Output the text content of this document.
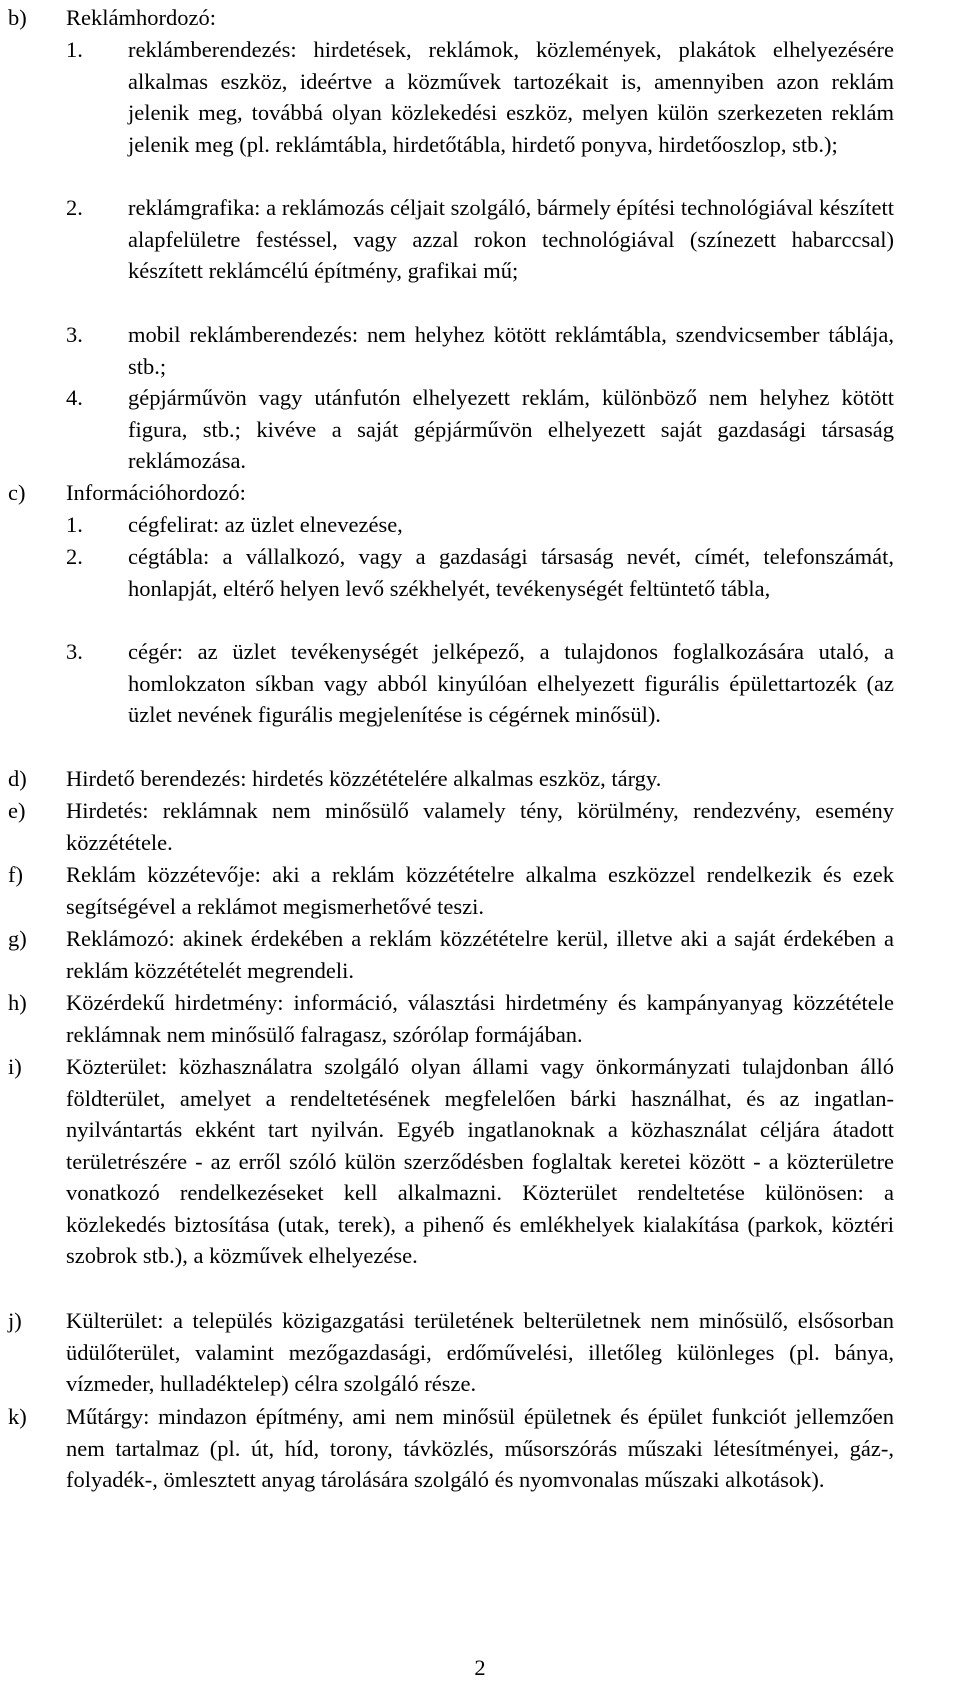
b) Reklámhordozó:
1. reklámberendezés: hirdetések, reklámok, közlemények, plakátok elhelyezésére alkalmas eszköz, ideértve a közművek tartozékait is, amennyiben azon reklám jelenik meg, továbbá olyan közlekedési eszköz, melyen külön szerkezeten reklám jelenik meg (pl. reklámtábla, hirdetőtábla, hirdető ponyva, hirdetőoszlop, stb.);
2. reklámgrafika: a reklámozás céljait szolgáló, bármely építési technológiával készített alapfelületre festéssel, vagy azzal rokon technológiával (színezett habarccsal) készített reklámcélú építmény, grafikai mű;
3. mobil reklámberendezés: nem helyhez kötött reklámtábla, szendvicsember táblája, stb.;
4. gépjárművön vagy utánfutón elhelyezett reklám, különböző nem helyhez kötött figura, stb.; kivéve a saját gépjárművön elhelyezett saját gazdasági társaság reklámozása.
c) Információhordozó:
1. cégfelirat: az üzlet elnevezése,
2. cégtábla: a vállalkozó, vagy a gazdasági társaság nevét, címét, telefonszámát, honlapját, eltérő helyen levő székhelyét, tevékenységét feltüntető tábla,
3. cégér: az üzlet tevékenységét jelképező, a tulajdonos foglalkozására utaló, a homlokzaton síkban vagy abból kinyúlóan elhelyezett figurális épülettartozék (az üzlet nevének figurális megjelenítése is cégérnek minősül).
d) Hirdető berendezés: hirdetés közzétételére alkalmas eszköz, tárgy.
e) Hirdetés: reklámnak nem minősülő valamely tény, körülmény, rendezvény, esemény közzététele.
f) Reklám közzétevője: aki a reklám közzétételre alkalma eszközzel rendelkezik és ezek segítségével a reklámot megismerhetővé teszi.
g) Reklámozó: akinek érdekében a reklám közzétételre kerül, illetve aki a saját érdekében a reklám közzétételét megrendeli.
h) Közérdekű hirdetmény: információ, választási hirdetmény és kampányanyag közzététele reklámnak nem minősülő falragasz, szórólap formájában.
i) Közterület: közhasználatra szolgáló olyan állami vagy önkormányzati tulajdonban álló földterület, amelyet a rendeltetésének megfelelően bárki használhat, és az ingatlan-nyilvántartás ekként tart nyilván. Egyéb ingatlanoknak a közhasználat céljára átadott területrészére - az erről szóló külön szerződésben foglaltak keretei között - a közterületre vonatkozó rendelkezéseket kell alkalmazni. Közterület rendeltetése különösen: a közlekedés biztosítása (utak, terek), a pihenő és emlékhelyek kialakítása (parkok, köztéri szobrok stb.), a közművek elhelyezése.
j) Külterület: a település közigazgatási területének belterületnek nem minősülő, elsősorban üdülőterület, valamint mezőgazdasági, erdőművelési, illetőleg különleges (pl. bánya, vízmeder, hulladéktelep) célra szolgáló része.
k) Műtárgy: mindazon építmény, ami nem minősül épületnek és épület funkciót jellemzően nem tartalmaz (pl. út, híd, torony, távközlés, műsorszórás műszaki létesítményei, gáz-, folyadék-, ömlesztett anyag tárolására szolgáló és nyomvonalas műszaki alkotások).
2
